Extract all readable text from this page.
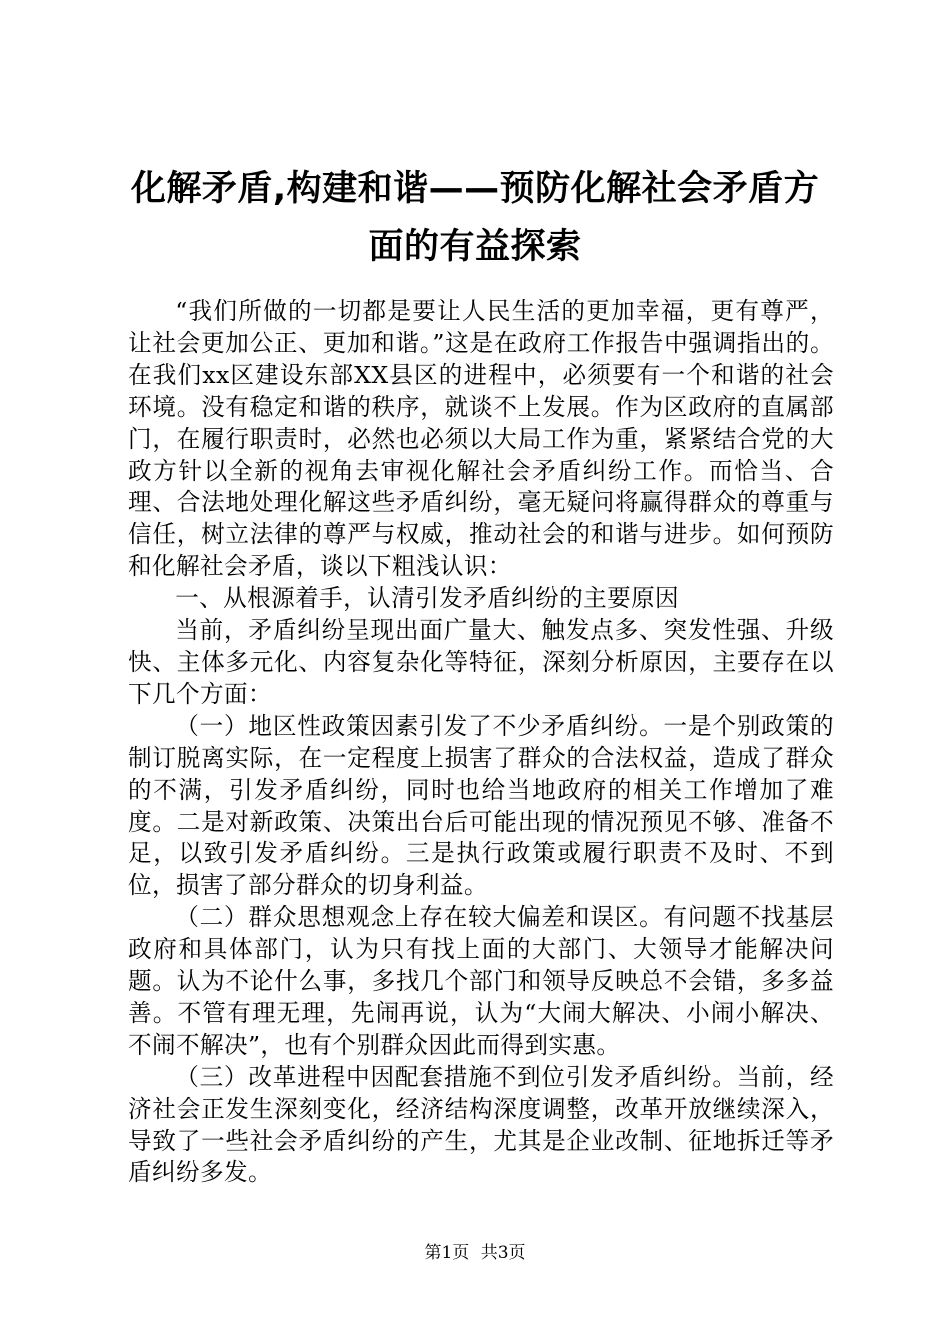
化解矛盾,构建和谐——预防化解社会矛盾方面的有益探索

“我们所做的一切都是要让人民生活的更加幸福，更有尊严，让社会更加公正、更加和谐。”这是在政府工作报告中强调指出的。在我们xx区建设东部XX县区的进程中，必须要有一个和谐的社会环境。没有稳定和谐的秩序，就谈不上发展。作为区政府的直属部门，在履行职责时，必然也必须以大局工作为重，紧紧结合党的大政方针以全新的视角去审视化解社会矛盾纠纷工作。而恰当、合理、合法地处理化解这些矛盾纠纷，毫无疑问将赢得群众的尊重与信任，树立法律的尊严与权威，推动社会的和谐与进步。如何预防和化解社会矛盾，谈以下粗浅认识：

一、从根源着手，认清引发矛盾纠纷的主要原因

当前，矛盾纠纷呈现出面广量大、触发点多、突发性强、升级快、主体多元化、内容复杂化等特征，深刻分析原因，主要存在以下几个方面：

（一）地区性政策因素引发了不少矛盾纠纷。一是个别政策的制订脱离实际，在一定程度上损害了群众的合法权益，造成了群众的不满，引发矛盾纠纷，同时也给当地政府的相关工作增加了难度。二是对新政策、决策出台后可能出现的情况预见不够、准备不足，以致引发矛盾纠纷。三是执行政策或履行职责不及时、不到位，损害了部分群众的切身利益。

（二）群众思想观念上存在较大偏差和误区。有问题不找基层政府和具体部门，认为只有找上面的大部门、大领导才能解决问题。认为不论什么事，多找几个部门和领导反映总不会错，多多益善。不管有理无理，先闹再说，认为“大闹大解决、小闹小解决、不闹不解决”，也有个别群众因此而得到实惠。

（三）改革进程中因配套措施不到位引发矛盾纠纷。当前，经济社会正发生深刻变化，经济结构深度调整，改革开放继续深入，导致了一些社会矛盾纠纷的产生，尤其是企业改制、征地拆迁等矛盾纠纷多发。

第1页 共3页
